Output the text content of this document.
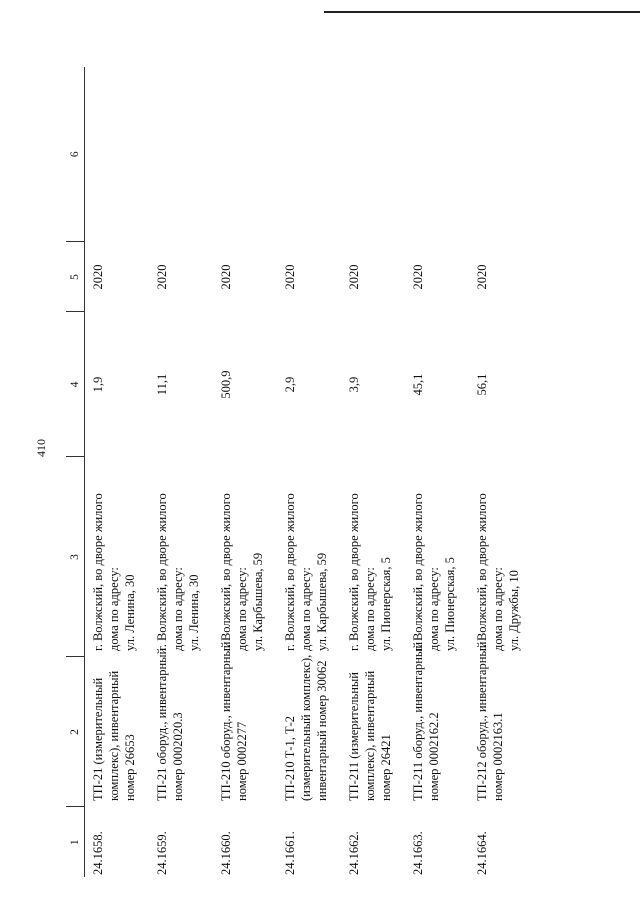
410
1	2	3	4	5	6
24.1658.	ТП-21 (измерительный комплекс), инвентарный номер 26653	г. Волжский, во дворе жилого дома по адресу: ул. Ленина, 30	1,9	2020	
24.1659.	ТП-21 оборуд., инвентарный номер 0002020.3	г. Волжский, во дворе жилого дома по адресу: ул. Ленина, 30	11,1	2020	
24.1660.	ТП-210 оборуд., инвентарный номер 0002277	г. Волжский, во дворе жилого дома по адресу: ул. Карбышева, 59	500,9	2020	
24.1661.	ТП-210 Т-1, Т-2 (измерительный комплекс), инвентарный номер 30062	г. Волжский, во дворе жилого дома по адресу: ул. Карбышева, 59	2,9	2020	
24.1662.	ТП-211 (измерительный комплекс), инвентарный номер 26421	г. Волжский, во дворе жилого дома по адресу: ул. Пионерская, 5	3,9	2020	
24.1663.	ТП-211 оборуд., инвентарный номер 0002162.2	г. Волжский, во дворе жилого дома по адресу: ул. Пионерская, 5	45,1	2020	
24.1664.	ТП-212 оборуд., инвентарный номер 0002163.1	г. Волжский, во дворе жилого дома по адресу: ул. Дружбы, 10	56,1	2020	
